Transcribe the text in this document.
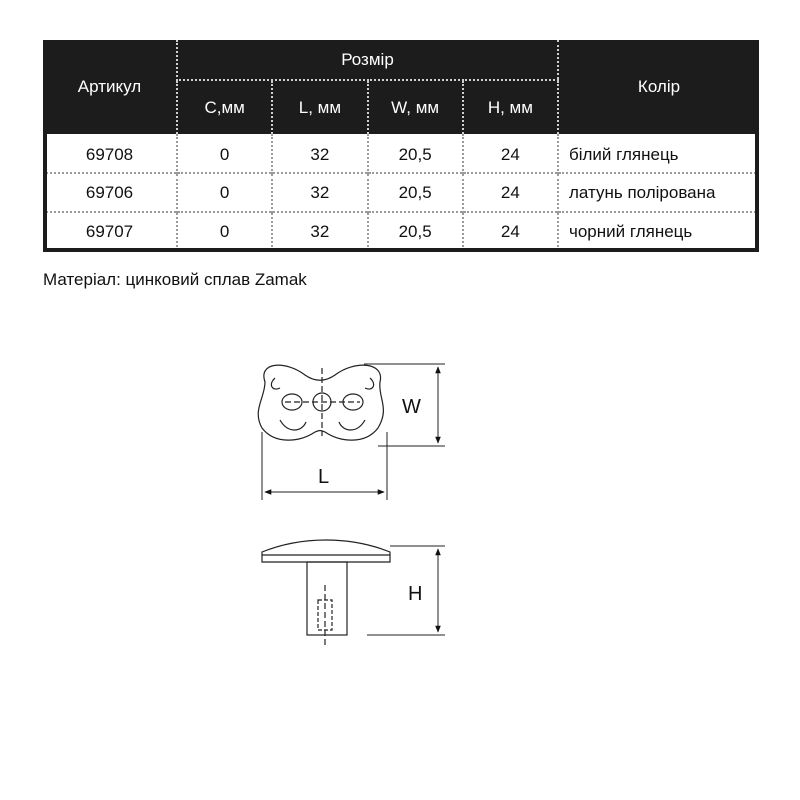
Артикул	Розмір				Колір
	C,мм	L, мм	W, мм	H, мм	
69708	0	32	20,5	24	білий глянець
69706	0	32	20,5	24	латунь полірована
69707	0	32	20,5	24	чорний глянець
Матеріал: цинковий сплав Zamak
W
L
H
